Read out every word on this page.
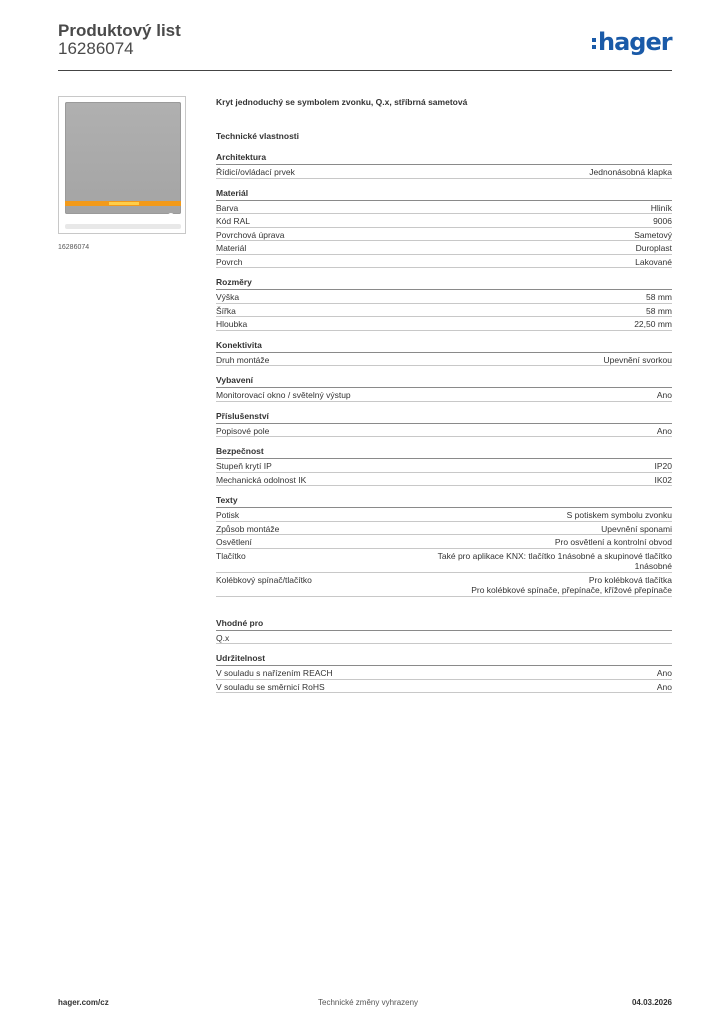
Produktový list
16286074	hager
16286074
Kryt jednoduchý se symbolem zvonku, Q.x, stříbrná sametová
Technické vlastnosti
Architektura
Řídicí/ovládací prvek	Jednonásobná klapka
Materiál
Barva	Hliník
Kód RAL	9006
Povrchová úprava	Sametový
Materiál	Duroplast
Povrch	Lakované
Rozměry
Výška	58 mm
Šířka	58 mm
Hloubka	22,50 mm
Konektivita
Druh montáže	Upevnění svorkou
Vybavení
Monitorovací okno / světelný výstup	Ano
Příslušenství
Popisové pole	Ano
Bezpečnost
Stupeň krytí IP	IP20
Mechanická odolnost IK	IK02
Texty
Potisk	S potiskem symbolu zvonku
Způsob montáže	Upevnění sponami
Osvětlení	Pro osvětlení a kontrolní obvod
Tlačítko	Také pro aplikace KNX: tlačítko 1násobné a skupinové tlačítko
1násobné
Kolébkový spínač/tlačítko	Pro kolébková tlačítka
Pro kolébkové spínače, přepínače, křížové přepínače
Vhodné pro
Q.x
Udržitelnost
V souladu s nařízením REACH	Ano
V souladu se směrnicí RoHS	Ano
hager.com/cz	Technické změny vyhrazeny	04.03.2026
